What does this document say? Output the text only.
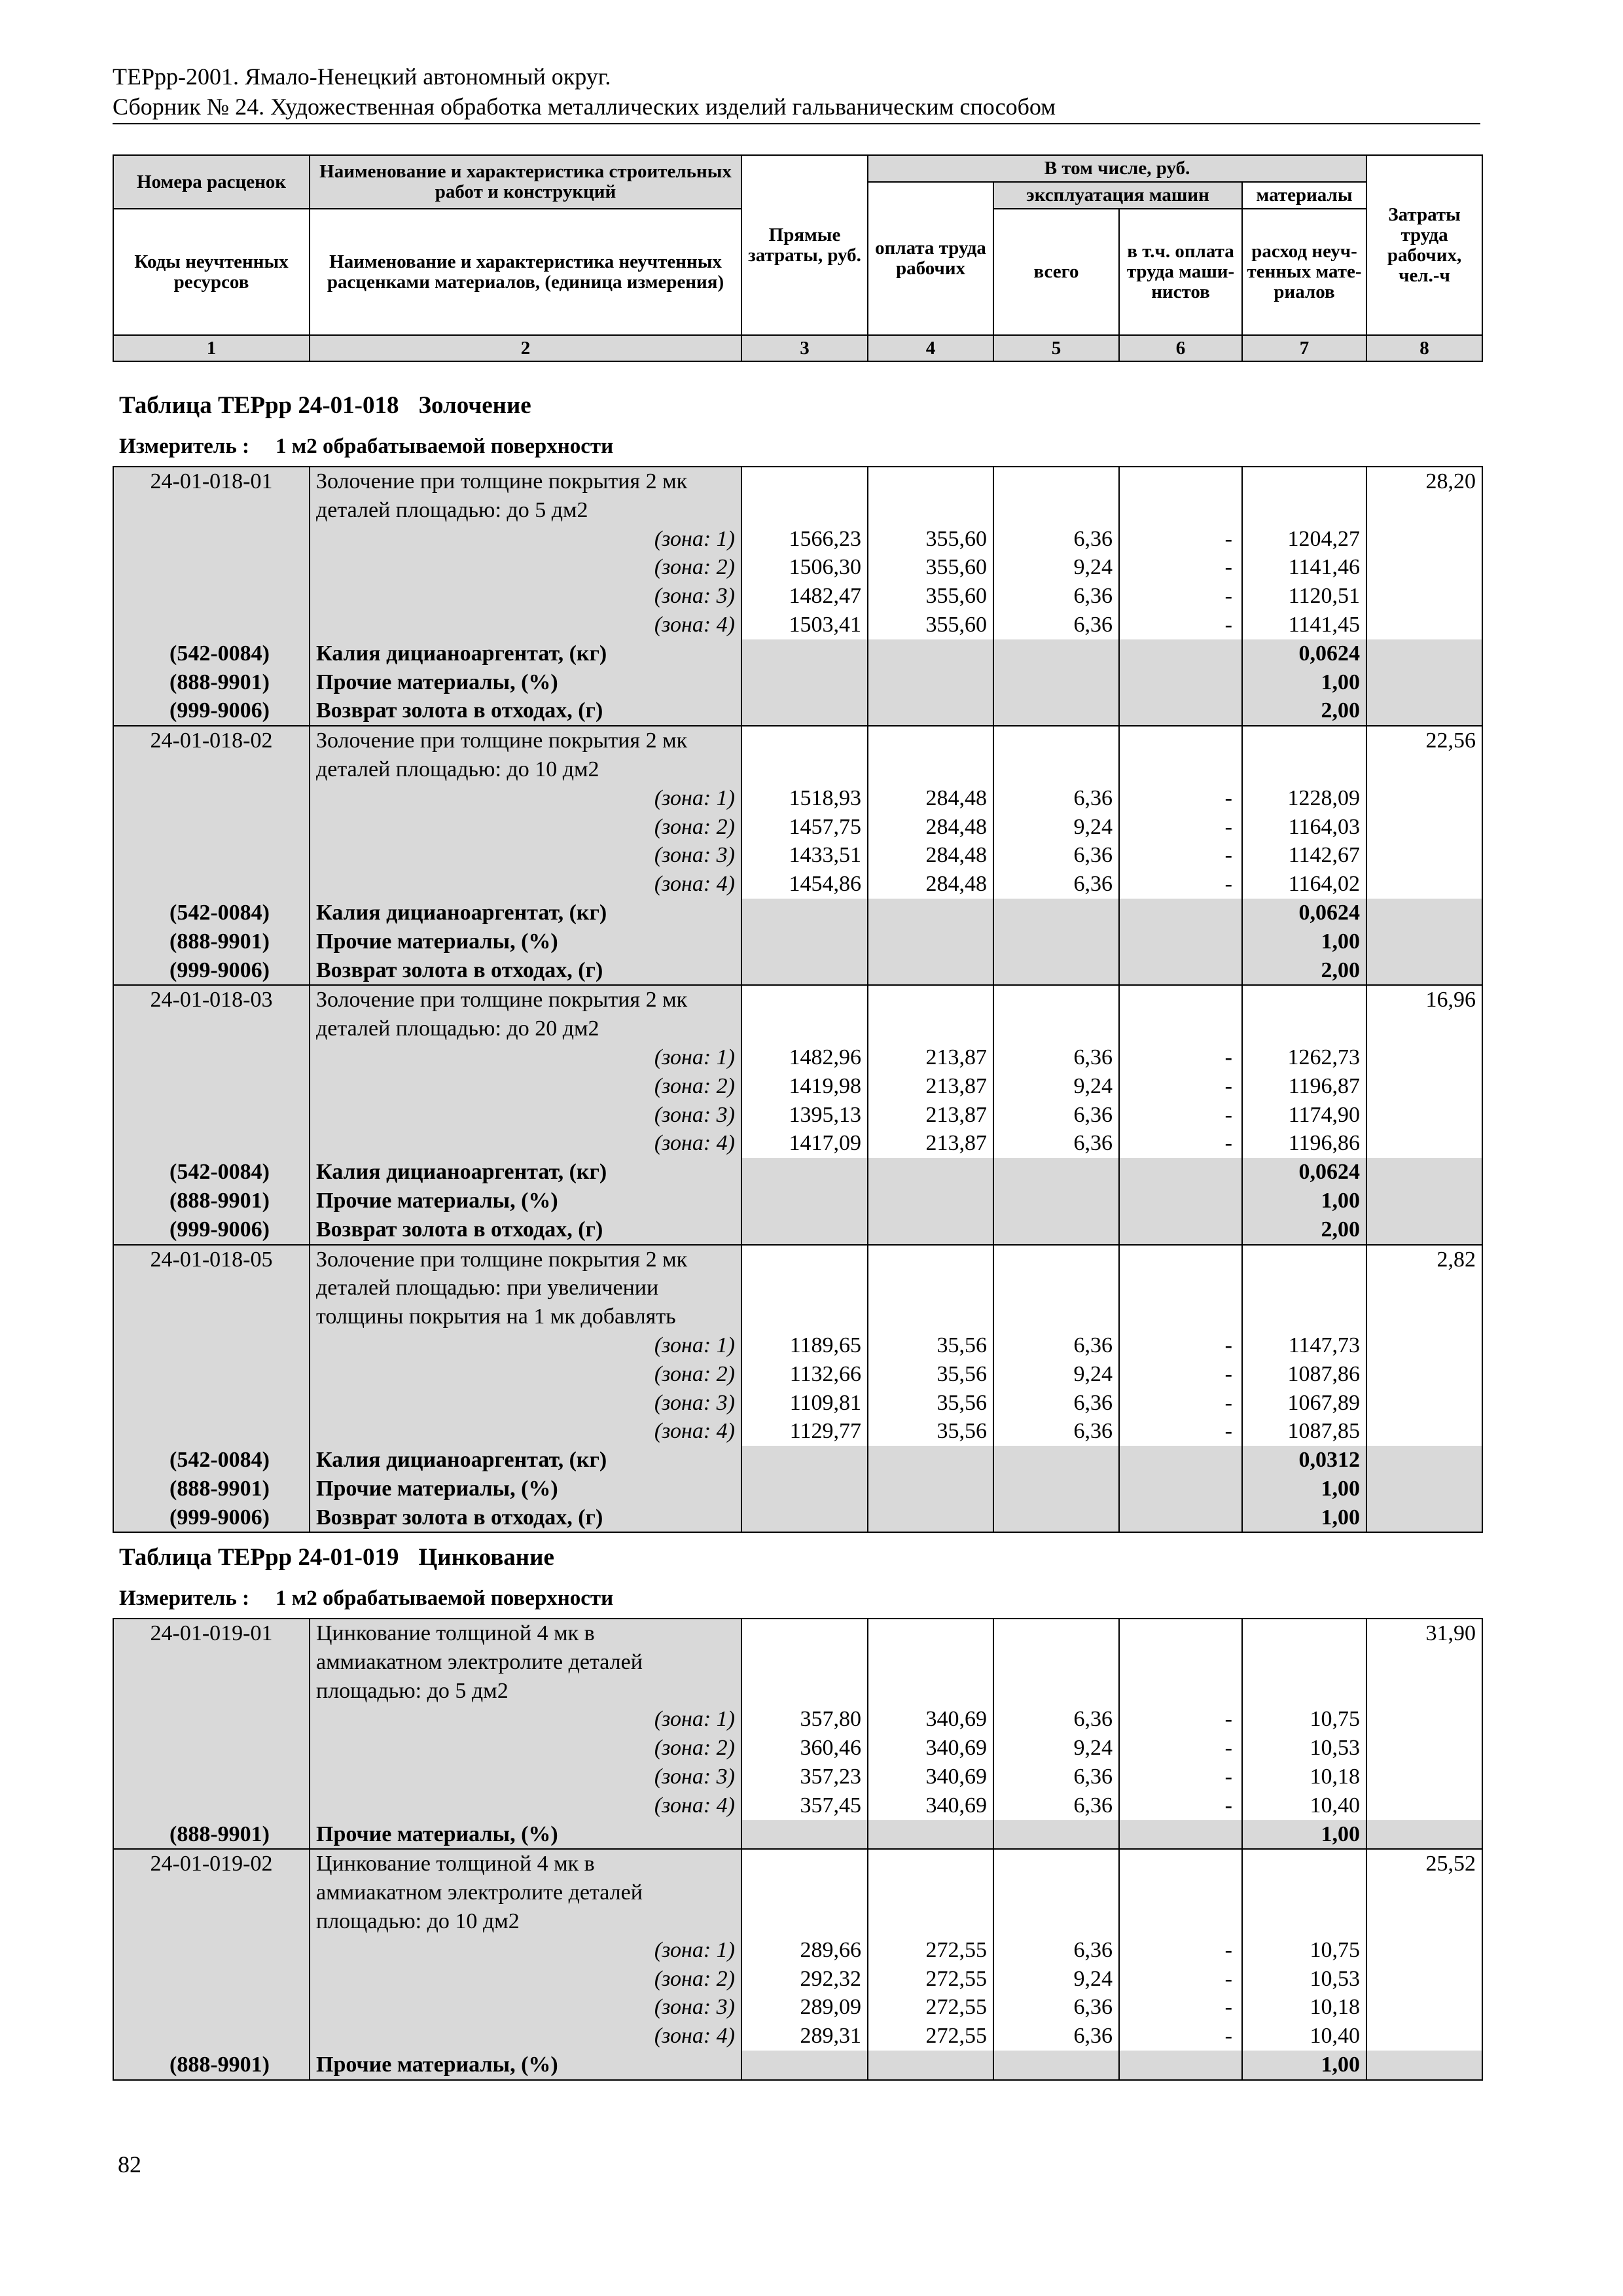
ТЕРрр-2001. Ямало-Ненецкий автономный округ.
Сборник № 24. Художественная обработка металлических изделий гальваническим способом
Номера расценок	Наименование и характеристика строительных работ и конструкций	Прямые затраты, руб.	В том числе, руб.				Затраты труда рабочих, чел.-ч
			оплата труда рабочих	эксплуатация машин		материалы	
Коды неучтенных ресурсов	Наименование и характеристика неучтенных расценками материалов, (единица измерения)			всего	в т.ч. оплата труда маши- нистов	расход неуч- тенных мате- риалов	

1	2	3	4	5	6	7	8
Таблица ТЕРрр 24-01-018 Золочение
Измеритель : 1 м2 обрабатываемой поверхности
24-01-018-01	Золочение при толщине покрытия 2 мк						28,20
	деталей площадью: до 5 дм2						
	(зона: 1)	1566,23	355,60	6,36	-	1204,27	
	(зона: 2)	1506,30	355,60	9,24	-	1141,46	
	(зона: 3)	1482,47	355,60	6,36	-	1120,51	
	(зона: 4)	1503,41	355,60	6,36	-	1141,45	
(542-0084)	Калия дицианоаргентат, (кг)					0,0624	
(888-9901)	Прочие материалы, (%)					1,00	
(999-9006)	Возврат золота в отходах, (г)					2,00	
24-01-018-02	Золочение при толщине покрытия 2 мк						22,56
	деталей площадью: до 10 дм2						
	(зона: 1)	1518,93	284,48	6,36	-	1228,09	
	(зона: 2)	1457,75	284,48	9,24	-	1164,03	
	(зона: 3)	1433,51	284,48	6,36	-	1142,67	
	(зона: 4)	1454,86	284,48	6,36	-	1164,02	
(542-0084)	Калия дицианоаргентат, (кг)					0,0624	
(888-9901)	Прочие материалы, (%)					1,00	
(999-9006)	Возврат золота в отходах, (г)					2,00	
24-01-018-03	Золочение при толщине покрытия 2 мк						16,96
	деталей площадью: до 20 дм2						
	(зона: 1)	1482,96	213,87	6,36	-	1262,73	
	(зона: 2)	1419,98	213,87	9,24	-	1196,87	
	(зона: 3)	1395,13	213,87	6,36	-	1174,90	
	(зона: 4)	1417,09	213,87	6,36	-	1196,86	
(542-0084)	Калия дицианоаргентат, (кг)					0,0624	
(888-9901)	Прочие материалы, (%)					1,00	
(999-9006)	Возврат золота в отходах, (г)					2,00	
24-01-018-05	Золочение при толщине покрытия 2 мк						2,82
	деталей площадью: при увеличении						
	толщины покрытия на 1 мк добавлять						
	(зона: 1)	1189,65	35,56	6,36	-	1147,73	
	(зона: 2)	1132,66	35,56	9,24	-	1087,86	
	(зона: 3)	1109,81	35,56	6,36	-	1067,89	
	(зона: 4)	1129,77	35,56	6,36	-	1087,85	
(542-0084)	Калия дицианоаргентат, (кг)					0,0312	
(888-9901)	Прочие материалы, (%)					1,00	
(999-9006)	Возврат золота в отходах, (г)					1,00	
Таблица ТЕРрр 24-01-019 Цинкование
Измеритель : 1 м2 обрабатываемой поверхности
24-01-019-01	Цинкование толщиной 4 мк в						31,90
	аммиакатном электролите деталей						
	площадью: до 5 дм2						
	(зона: 1)	357,80	340,69	6,36	-	10,75	
	(зона: 2)	360,46	340,69	9,24	-	10,53	
	(зона: 3)	357,23	340,69	6,36	-	10,18	
	(зона: 4)	357,45	340,69	6,36	-	10,40	
(888-9901)	Прочие материалы, (%)					1,00	
24-01-019-02	Цинкование толщиной 4 мк в						25,52
	аммиакатном электролите деталей						
	площадью: до 10 дм2						
	(зона: 1)	289,66	272,55	6,36	-	10,75	
	(зона: 2)	292,32	272,55	9,24	-	10,53	
	(зона: 3)	289,09	272,55	6,36	-	10,18	
	(зона: 4)	289,31	272,55	6,36	-	10,40	
(888-9901)	Прочие материалы, (%)					1,00	
82
